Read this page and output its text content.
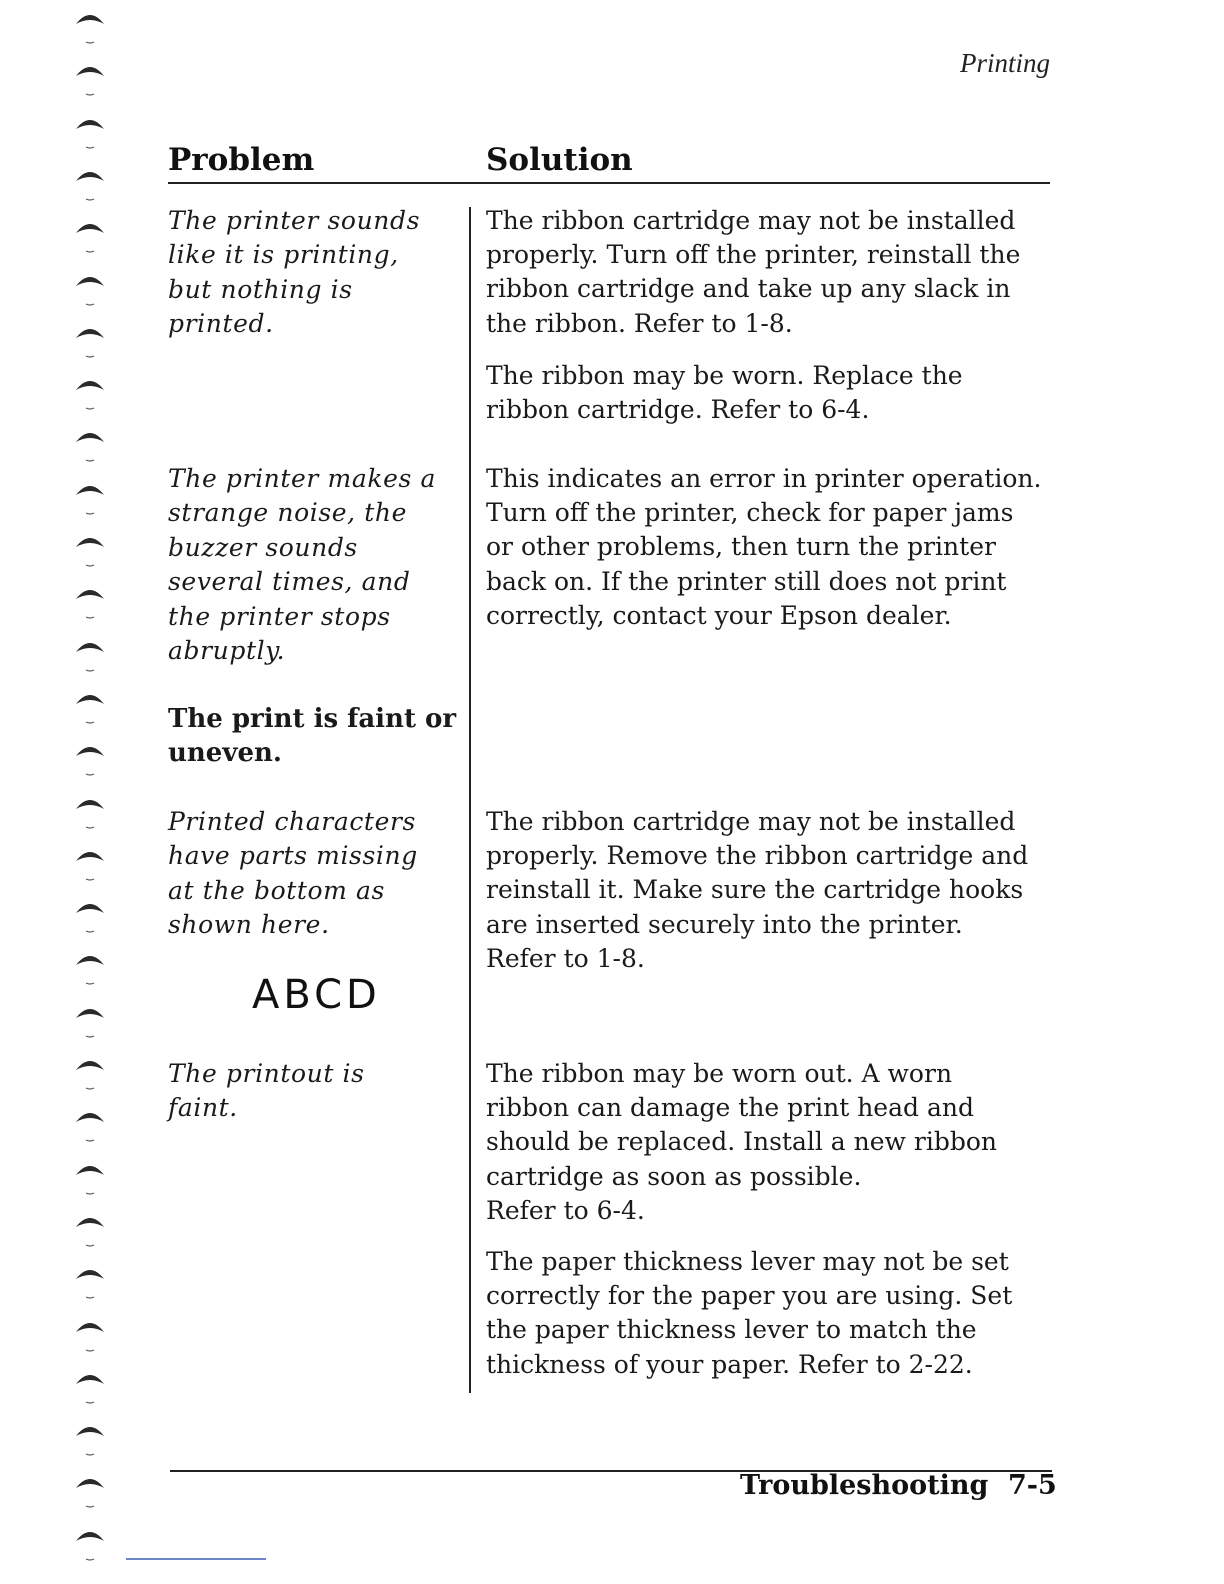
Printing
Problem	Solution
The printer sounds
like it is printing,
but nothing is
printed.
The ribbon cartridge may not be installed
properly. Turn off the printer, reinstall the
ribbon cartridge and take up any slack in
the ribbon. Refer to 1-8.
The ribbon may be worn. Replace the
ribbon cartridge. Refer to 6-4.
The printer makes a
strange noise, the
buzzer sounds
several times, and
the printer stops
abruptly.
This indicates an error in printer operation.
Turn off the printer, check for paper jams
or other problems, then turn the printer
back on. If the printer still does not print
correctly, contact your Epson dealer.
The print is faint or
uneven.
Printed characters
have parts missing
at the bottom as
shown here.
ABCD
The ribbon cartridge may not be installed
properly. Remove the ribbon cartridge and
reinstall it. Make sure the cartridge hooks
are inserted securely into the printer.
Refer to 1-8.
The printout is
faint.
The ribbon may be worn out. A worn
ribbon can damage the print head and
should be replaced. Install a new ribbon
cartridge as soon as possible.
Refer to 6-4.
The paper thickness lever may not be set
correctly for the paper you are using. Set
the paper thickness lever to match the
thickness of your paper. Refer to 2-22.
Troubleshooting 7-5
